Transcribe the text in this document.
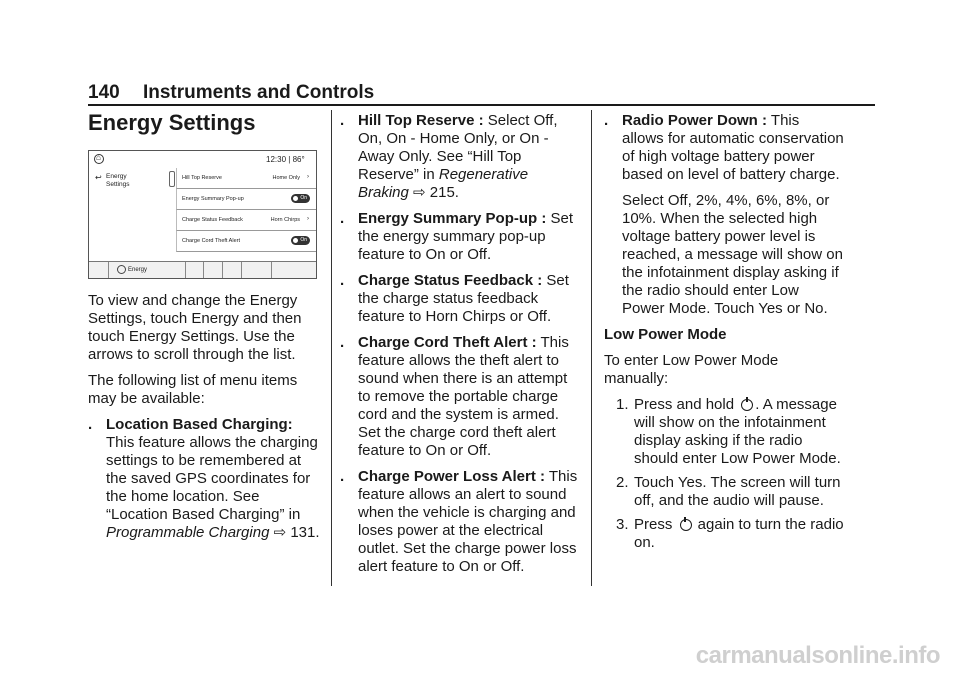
140 Instruments and Controls
Energy Settings
⌂
12:30 | 86°
↩ Energy Settings
Hill Top Reserve	Home Only ›
Energy Summary Pop-up	On
Charge Status Feedback	Horn Chirps ›
Charge Cord Theft Alert	On
Energy

To view and change the Energy Settings, touch Energy and then touch Energy Settings. Use the arrows to scroll through the list.

The following list of menu items may be available:

. Location Based Charging: This feature allows the charging settings to be remembered at the saved GPS coordinates for the home location. See “Location Based Charging” in Programmable Charging ⇨ 131.
. Hill Top Reserve : Select Off, On, On - Home Only, or On - Away Only. See “Hill Top Reserve” in Regenerative Braking ⇨ 215.
. Energy Summary Pop-up : Set the energy summary pop-up feature to On or Off.
. Charge Status Feedback : Set the charge status feedback feature to Horn Chirps or Off.
. Charge Cord Theft Alert : This feature allows the theft alert to sound when there is an attempt to remove the portable charge cord and the system is armed. Set the charge cord theft alert feature to On or Off.
. Charge Power Loss Alert : This feature allows an alert to sound when the vehicle is charging and loses power at the electrical outlet. Set the charge power loss alert feature to On or Off.
. Radio Power Down : This allows for automatic conservation of high voltage battery power based on level of battery charge.

Select Off, 2%, 4%, 6%, 8%, or 10%. When the selected high voltage battery power level is reached, a message will show on the infotainment display asking if the radio should enter Low Power Mode. Touch Yes or No.

Low Power Mode

To enter Low Power Mode manually:

1. Press and hold . A message will show on the infotainment display asking if the radio should enter Low Power Mode.
2. Touch Yes. The screen will turn off, and the audio will pause.
3. Press  again to turn the radio on.
carmanualsonline.info
